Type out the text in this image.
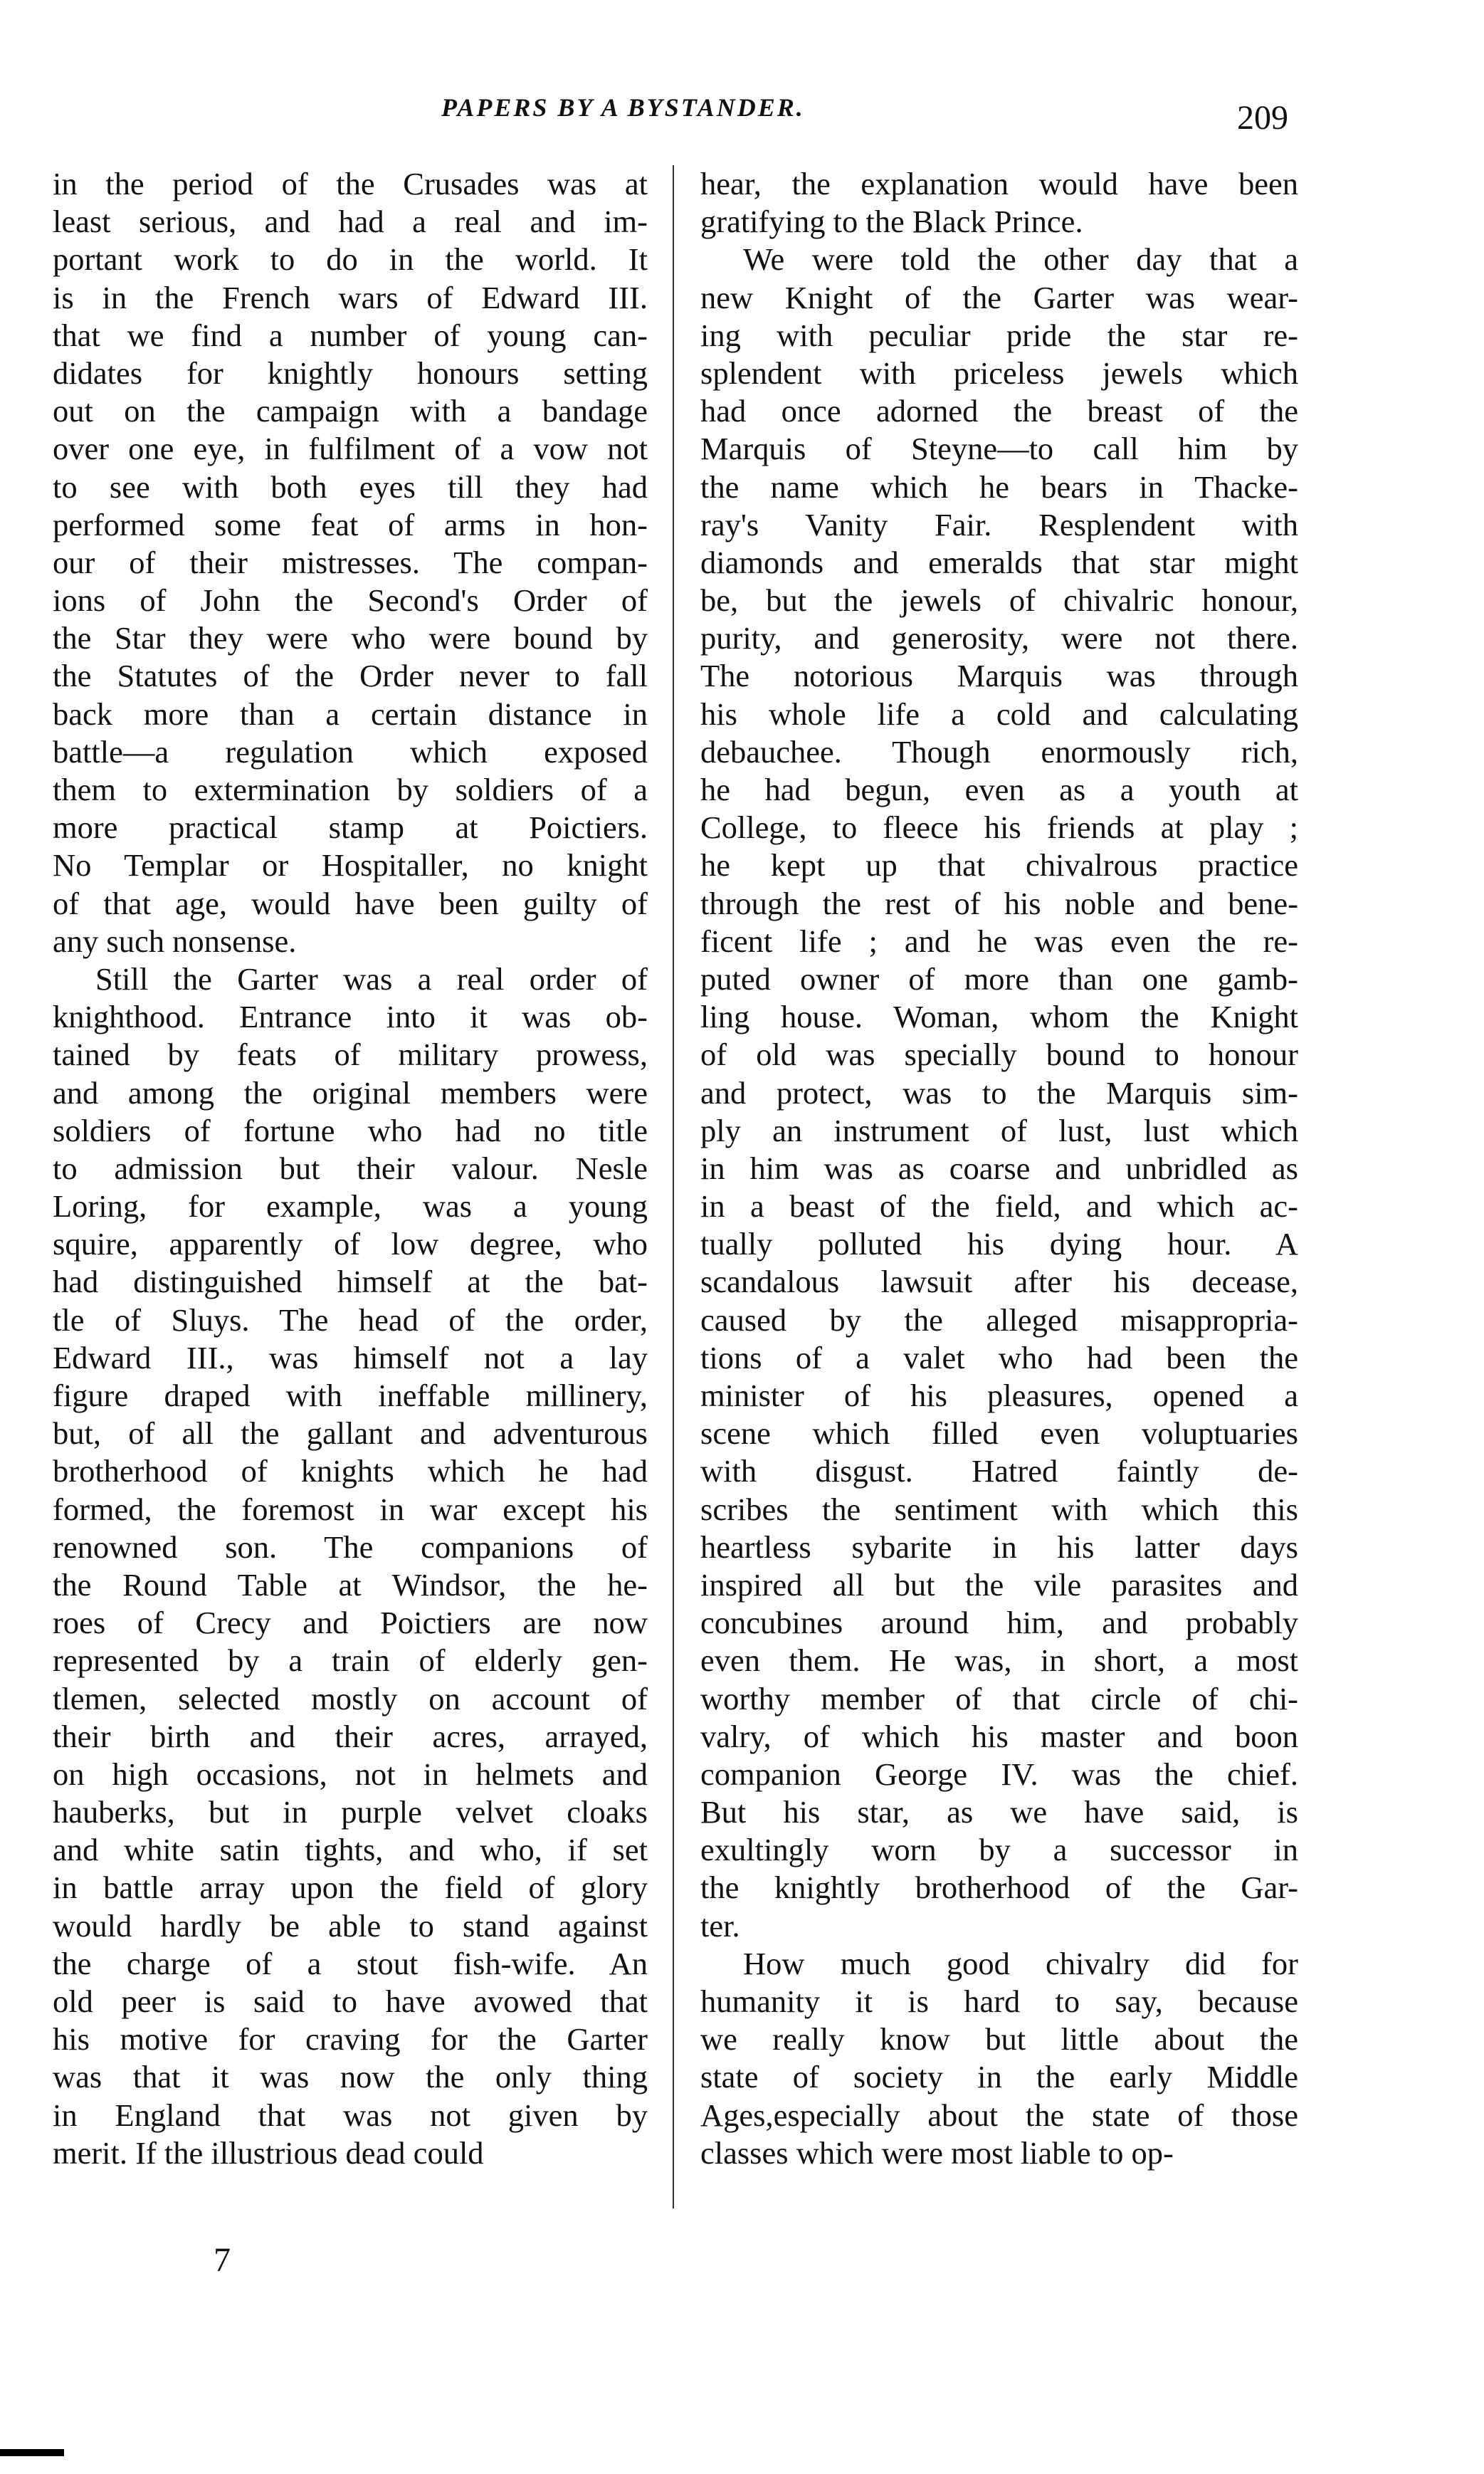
PAPERS BY A BYSTANDER.	209
in the period of the Crusades was at
least serious, and had a real and im-
portant work to do in the world. It
is in the French wars of Edward III.
that we find a number of young can-
didates for knightly honours setting
out on the campaign with a bandage
over one eye, in fulfilment of a vow not
to see with both eyes till they had
performed some feat of arms in hon-
our of their mistresses. The compan-
ions of John the Second's Order of
the Star they were who were bound by
the Statutes of the Order never to fall
back more than a certain distance in
battle—a regulation which exposed
them to extermination by soldiers of a
more practical stamp at Poictiers.
No Templar or Hospitaller, no knight
of that age, would have been guilty of
any such nonsense.
Still the Garter was a real order of
knighthood. Entrance into it was ob-
tained by feats of military prowess,
and among the original members were
soldiers of fortune who had no title
to admission but their valour. Nesle
Loring, for example, was a young
squire, apparently of low degree, who
had distinguished himself at the bat-
tle of Sluys. The head of the order,
Edward III., was himself not a lay
figure draped with ineffable millinery,
but, of all the gallant and adventurous
brotherhood of knights which he had
formed, the foremost in war except his
renowned son. The companions of
the Round Table at Windsor, the he-
roes of Crecy and Poictiers are now
represented by a train of elderly gen-
tlemen, selected mostly on account of
their birth and their acres, arrayed,
on high occasions, not in helmets and
hauberks, but in purple velvet cloaks
and white satin tights, and who, if set
in battle array upon the field of glory
would hardly be able to stand against
the charge of a stout fish-wife. An
old peer is said to have avowed that
his motive for craving for the Garter
was that it was now the only thing
in England that was not given by
merit. If the illustrious dead could
hear, the explanation would have been
gratifying to the Black Prince.
We were told the other day that a
new Knight of the Garter was wear-
ing with peculiar pride the star re-
splendent with priceless jewels which
had once adorned the breast of the
Marquis of Steyne—to call him by
the name which he bears in Thacke-
ray's Vanity Fair. Resplendent with
diamonds and emeralds that star might
be, but the jewels of chivalric honour,
purity, and generosity, were not there.
The notorious Marquis was through
his whole life a cold and calculating
debauchee. Though enormously rich,
he had begun, even as a youth at
College, to fleece his friends at play ;
he kept up that chivalrous practice
through the rest of his noble and bene-
ficent life ; and he was even the re-
puted owner of more than one gamb-
ling house. Woman, whom the Knight
of old was specially bound to honour
and protect, was to the Marquis sim-
ply an instrument of lust, lust which
in him was as coarse and unbridled as
in a beast of the field, and which ac-
tually polluted his dying hour. A
scandalous lawsuit after his decease,
caused by the alleged misappropria-
tions of a valet who had been the
minister of his pleasures, opened a
scene which filled even voluptuaries
with disgust. Hatred faintly de-
scribes the sentiment with which this
heartless sybarite in his latter days
inspired all but the vile parasites and
concubines around him, and probably
even them. He was, in short, a most
worthy member of that circle of chi-
valry, of which his master and boon
companion George IV. was the chief.
But his star, as we have said, is
exultingly worn by a successor in
the knightly brotherhood of the Gar-
ter.
How much good chivalry did for
humanity it is hard to say, because
we really know but little about the
state of society in the early Middle
Ages,especially about the state of those
classes which were most liable to op-
7
